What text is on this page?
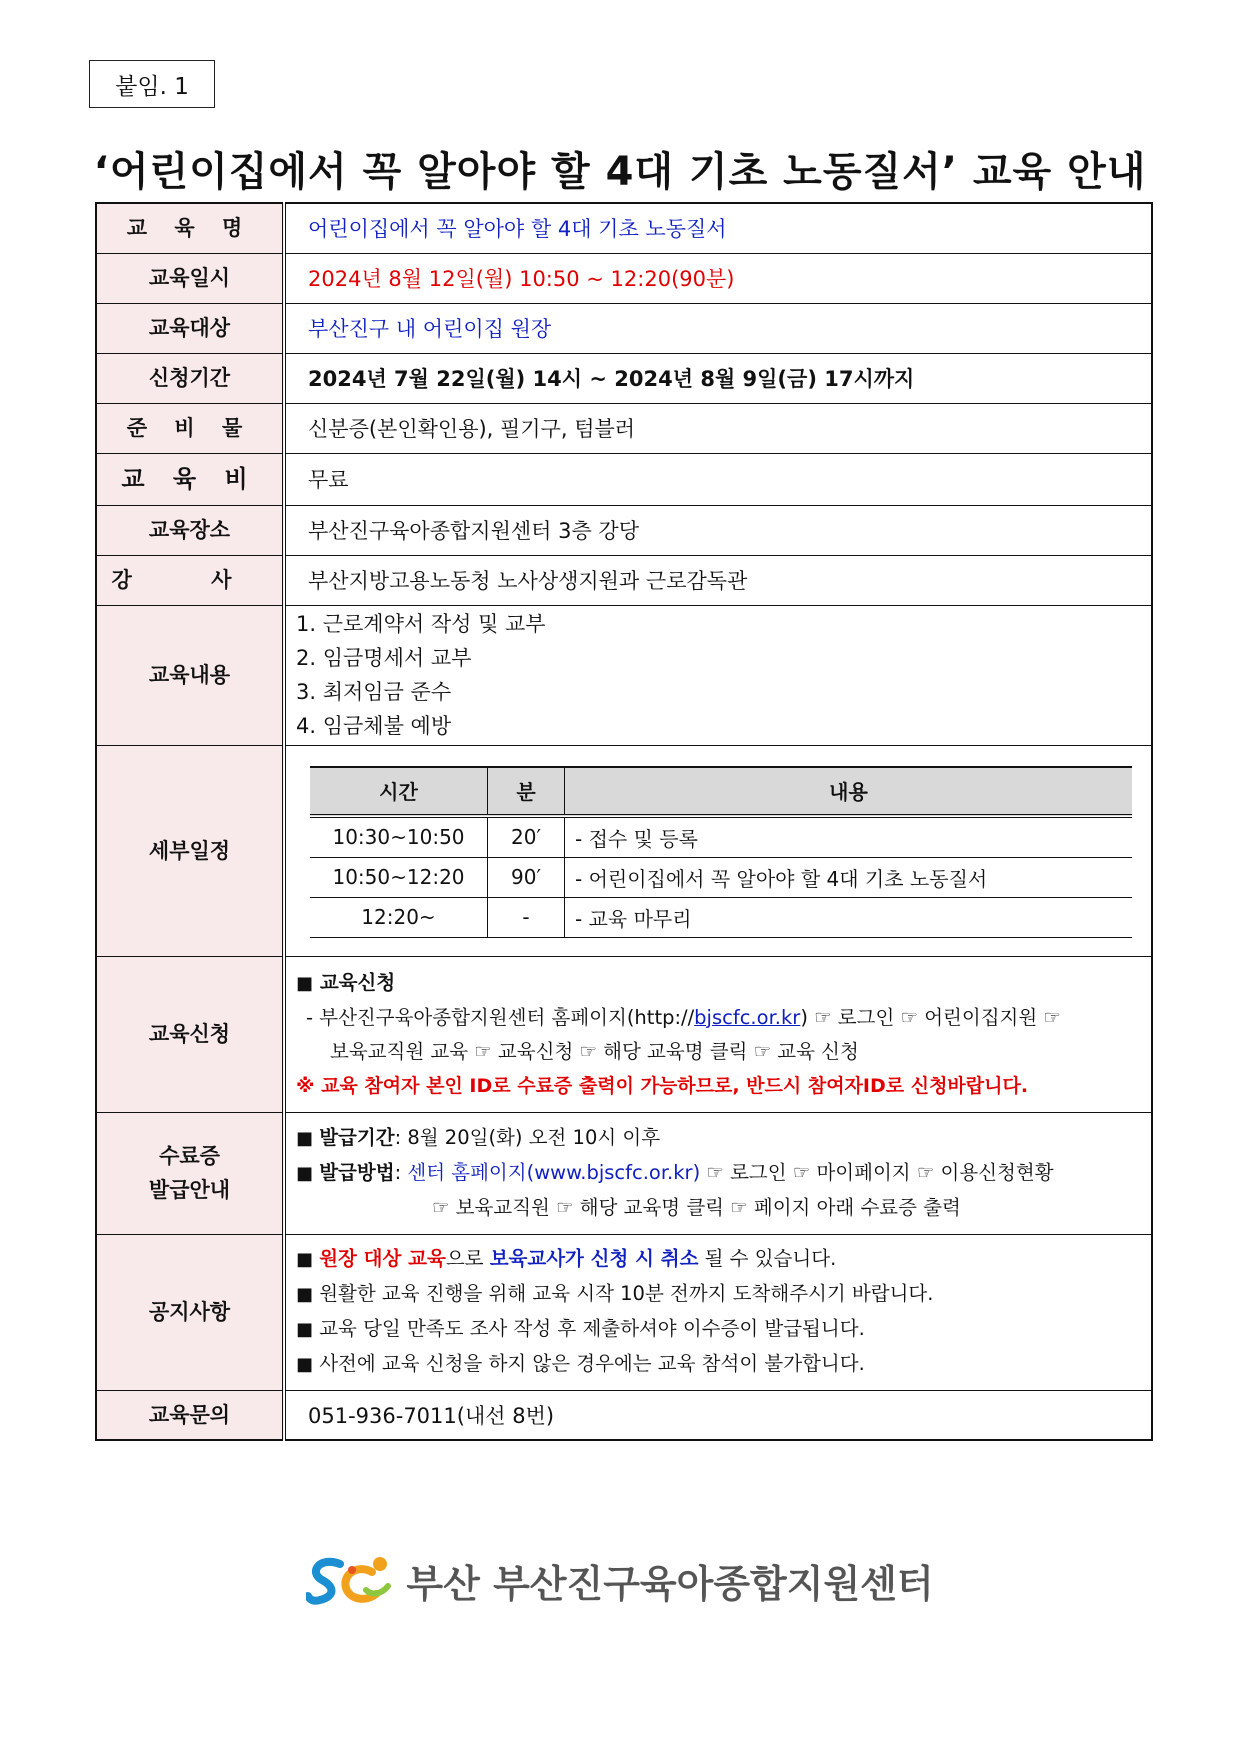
붙임. 1
‘어린이집에서 꼭 알아야 할 4대 기초 노동질서’ 교육 안내
교 육 명	어린이집에서 꼭 알아야 할 4대 기초 노동질서
교육일시	2024년 8월 12일(월) 10:50 ~ 12:20(90분)
교육대상	부산진구 내 어린이집 원장
신청기간	2024년 7월 22일(월) 14시 ~ 2024년 8월 9일(금) 17시까지
준 비 물	신분증(본인확인용), 필기구, 텀블러
교 육 비	무료
교육장소	부산진구육아종합지원센터 3층 강당
강 사	부산지방고용노동청 노사상생지원과 근로감독관
교육내용	
1. 근로계약서 작성 및 교부
2. 임금명세서 교부
3. 최저임금 준수
4. 임금체불 예방

세부일정	
시간	분	내용
10:30~10:50	20′	- 접수 및 등록
10:50~12:20	90′	- 어린이집에서 꼭 알아야 할 4대 기초 노동질서
12:20~	-	- 교육 마무리

교육신청	
■ 교육신청
- 부산진구육아종합지원센터 홈페이지(http://bjscfc.or.kr) ☞ 로그인 ☞ 어린이집지원 ☞
보육교직원 교육 ☞ 교육신청 ☞ 해당 교육명 클릭 ☞ 교육 신청
※ 교육 참여자 본인 ID로 수료증 출력이 가능하므로, 반드시 참여자ID로 신청바랍니다.

수료증
발급안내

■ 발급기간: 8월 20일(화) 오전 10시 이후
■ 발급방법: 센터 홈페이지(www.bjscfc.or.kr) ☞ 로그인 ☞ 마이페이지 ☞ 이용신청현황
☞ 보육교직원 ☞ 해당 교육명 클릭 ☞ 페이지 아래 수료증 출력

공지사항	
■ 원장 대상 교육으로 보육교사가 신청 시 취소 될 수 있습니다.
■ 원활한 교육 진행을 위해 교육 시작 10분 전까지 도착해주시기 바랍니다.
■ 교육 당일 만족도 조사 작성 후 제출하셔야 이수증이 발급됩니다.
■ 사전에 교육 신청을 하지 않은 경우에는 교육 참석이 불가합니다.

교육문의	051-936-7011(내선 8번)
부산 부산진구육아종합지원센터
